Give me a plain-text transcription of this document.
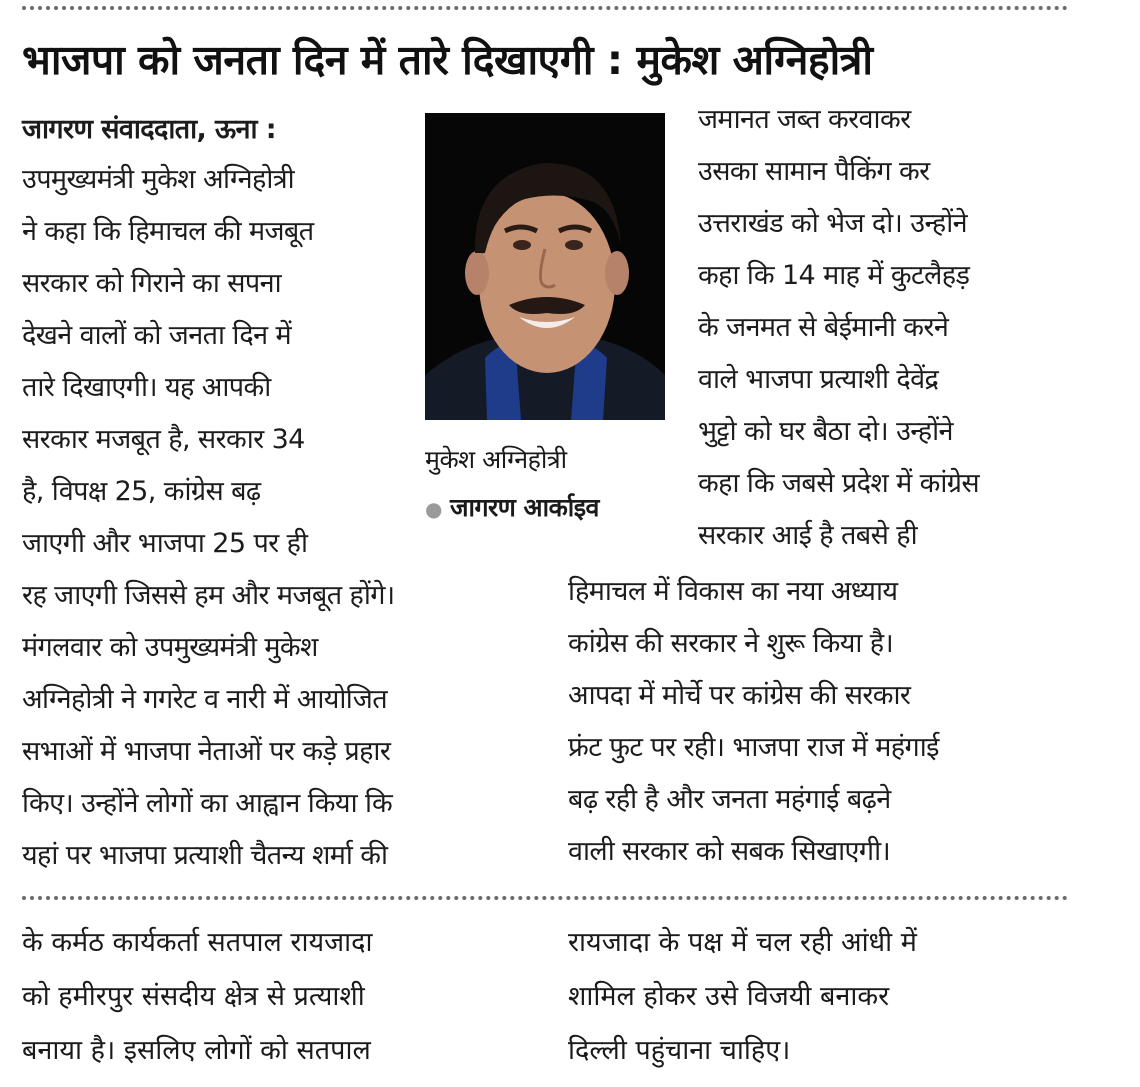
भाजपा को जनता दिन में तारे दिखाएगी : मुकेश अग्निहोत्री
जागरण संवाददाता, ऊना :
उपमुख्यमंत्री मुकेश अग्निहोत्री
ने कहा कि हिमाचल की मजबूत
सरकार को गिराने का सपना
देखने वालों को जनता दिन में
तारे दिखाएगी। यह आपकी
सरकार मजबूत है, सरकार 34
है, विपक्ष 25, कांग्रेस बढ़
जाएगी और भाजपा 25 पर ही
मुकेश अग्निहोत्री
● जागरण आर्काइव
जमानत जब्त करवाकर
उसका सामान पैकिंग कर
उत्तराखंड को भेज दो। उन्होंने
कहा कि 14 माह में कुटलैहड़
के जनमत से बेईमानी करने
वाले भाजपा प्रत्याशी देवेंद्र
भुट्टो को घर बैठा दो। उन्होंने
कहा कि जबसे प्रदेश में कांग्रेस
सरकार आई है तबसे ही
रह जाएगी जिससे हम और मजबूत होंगे।
मंगलवार को उपमुख्यमंत्री मुकेश
अग्निहोत्री ने गगरेट व नारी में आयोजित
सभाओं में भाजपा नेताओं पर कड़े प्रहार
किए। उन्होंने लोगों का आह्वान किया कि
यहां पर भाजपा प्रत्याशी चैतन्य शर्मा की
हिमाचल में विकास का नया अध्याय
कांग्रेस की सरकार ने शुरू किया है।
आपदा में मोर्चे पर कांग्रेस की सरकार
फ्रंट फुट पर रही। भाजपा राज में महंगाई
बढ़ रही है और जनता महंगाई बढ़ने
वाली सरकार को सबक सिखाएगी।
के कर्मठ कार्यकर्ता सतपाल रायजादा
को हमीरपुर संसदीय क्षेत्र से प्रत्याशी
बनाया है। इसलिए लोगों को सतपाल
रायजादा के पक्ष में चल रही आंधी में
शामिल होकर उसे विजयी बनाकर
दिल्ली पहुंचाना चाहिए।
